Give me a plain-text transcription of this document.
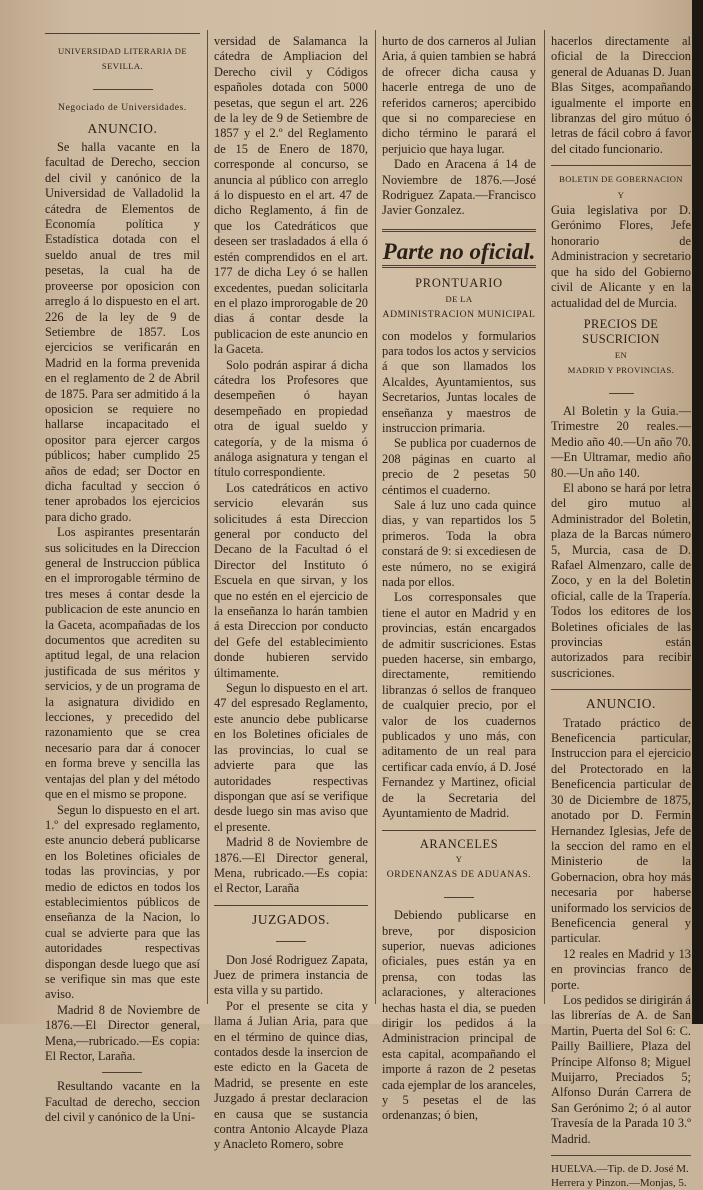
UNIVERSIDAD LITERARIA DE SEVILLA.

Negociado de Universidades.

ANUNCIO.

Se halla vacante en la facultad de Derecho, seccion del civil y canónico de la Universidad de Valladolid la cátedra de Elementos de Economía política y Estadística dotada con el sueldo anual de tres mil pesetas, la cual ha de proveerse por oposicion con arreglo á lo dispuesto en el art. 226 de la ley de 9 de Setiembre de 1857. Los ejercicios se verificarán en Madrid en la forma prevenida en el reglamento de 2 de Abril de 1875. Para ser admitido á la oposicion se requiere no hallarse incapacitado el opositor para ejercer cargos públicos; haber cumplido 25 años de edad; ser Doctor en dicha facultad y seccion ó tener aprobados los ejercicios para dicho grado.

Los aspirantes presentarán sus solicitudes en la Direccion general de Instruccion pública en el improrogable término de tres meses á contar desde la publicacion de este anuncio en la Gaceta, acompañadas de los documentos que acrediten su aptitud legal, de una relacion justificada de sus méritos y servicios, y de un programa de la asignatura dividido en lecciones, y precedido del razonamiento que se crea necesario para dar á conocer en forma breve y sencilla las ventajas del plan y del método que en el mismo se propone.

Segun lo dispuesto en el art. 1.º del expresado reglamento, este anuncio deberá publicarse en los Boletines oficiales de todas las provincias, y por medio de edictos en todos los establecimientos públicos de enseñanza de la Nacion, lo cual se advierte para que las autoridades respectivas dispongan desde luego que así se verifique sin mas que este aviso.

Madrid 8 de Noviembre de 1876.—El Director general, Mena,—rubricado.—Es copia: El Rector, Laraña.

Resultando vacante en la Facultad de derecho, seccion del civil y canónico de la Uni-

versidad de Salamanca la cátedra de Ampliacion del Derecho civil y Códigos españoles dotada con 5000 pesetas, que segun el art. 226 de la ley de 9 de Setiembre de 1857 y el 2.º del Reglamento de 15 de Enero de 1870, corresponde al concurso, se anuncia al público con arreglo á lo dispuesto en el art. 47 de dicho Reglamento, á fin de que los Catedráticos que deseen ser trasladados á ella ó estén comprendidos en el art. 177 de dicha Ley ó se hallen excedentes, puedan solicitarla en el plazo improrogable de 20 dias á contar desde la publicacion de este anuncio en la Gaceta.

Solo podrán aspirar á dicha cátedra los Profesores que desempeñen ó hayan desempeñado en propiedad otra de igual sueldo y categoría, y de la misma ó análoga asignatura y tengan el título correspondiente.

Los catedráticos en activo servicio elevarán sus solicitudes á esta Direccion general por conducto del Decano de la Facultad ó el Director del Instituto ó Escuela en que sirvan, y los que no estén en el ejercicio de la enseñanza lo harán tambien á esta Direccion por conducto del Gefe del establecimiento donde hubieren servido últimamente.

Segun lo dispuesto en el art. 47 del espresado Reglamento, este anuncio debe publicarse en los Boletines oficiales de las provincias, lo cual se advierte para que las autoridades respectivas dispongan que así se verifique desde luego sin mas aviso que el presente.

Madrid 8 de Noviembre de 1876.—El Director general, Mena, rubricado.—Es copia: el Rector, Laraña

JUZGADOS.

Don José Rodriguez Zapata, Juez de primera instancia de esta villa y su partido.

Por el presente se cita y llama á Julian Aria, para que en el término de quince dias, contados desde la insercion de este edicto en la Gaceta de Madrid, se presente en este Juzgado á prestar declaracion en causa que se sustancia contra Antonio Alcayde Plaza y Anacleto Romero, sobre

hurto de dos carneros al Julian Aria, á quien tambien se habrá de ofrecer dicha causa y hacerle entrega de uno de referidos carneros; apercibido que si no compareciese en dicho término le parará el perjuicio que haya lugar.

Dado en Aracena á 14 de Noviembre de 1876.—José Rodriguez Zapata.—Francisco Javier Gonzalez.

Parte no oficial.

PRONTUARIO

DE LA

ADMINISTRACION MUNICIPAL

con modelos y formularios para todos los actos y servicios á que son llamados los Alcaldes, Ayuntamientos, sus Secretarios, Juntas locales de enseñanza y maestros de instruccion primaria.

Se publica por cuadernos de 208 páginas en cuarto al precio de 2 pesetas 50 céntimos el cuaderno.

Sale á luz uno cada quince dias, y van repartidos los 5 primeros. Toda la obra constará de 9: si excediesen de este número, no se exigirá nada por ellos.

Los corresponsales que tiene el autor en Madrid y en provincias, están encargados de admitir suscriciones. Estas pueden hacerse, sin embargo, directamente, remitiendo libranzas ó sellos de franqueo de cualquier precio, por el valor de los cuadernos publicados y uno más, con aditamento de un real para certificar cada envío, á D. José Fernandez y Martinez, oficial de la Secretaria del Ayuntamiento de Madrid.

ARANCELES

Y

ORDENANZAS DE ADUANAS.

Debiendo publicarse en breve, por disposicion superior, nuevas adiciones oficiales, pues están ya en prensa, con todas las aclaraciones, y alteraciones hechas hasta el dia, se pueden dirigir los pedidos á la Administracion principal de esta capital, acompañando el importe á razon de 2 pesetas cada ejemplar de los aranceles, y 5 pesetas el de las ordenanzas; ó bien,

hacerlos directamente al oficial de la Direccion general de Aduanas D. Juan Blas Sitges, acompañando igualmente el importe en libranzas del giro mútuo ó letras de fácil cobro á favor del citado funcionario.

BOLETIN DE GOBERNACION

Y

Guia legislativa por D. Gerónimo Flores, Jefe honorario de Administracion y secretario que ha sido del Gobierno civil de Alicante y en la actualidad del de Murcia.

PRECIOS DE SUSCRICION

EN

MADRID Y PROVINCIAS.

Al Boletin y la Guia.—Trimestre 20 reales.—Medio año 40.—Un año 70.—En Ultramar, medio año 80.—Un año 140.

El abono se hará por letra del giro mutuo al Administrador del Boletin, plaza de la Barcas número 5, Murcia, casa de D. Rafael Almenzaro, calle de Zoco, y en la del Boletin oficial, calle de la Trapería. Todos los editores de los Boletines oficiales de las provincias están autorizados para recibir suscriciones.

ANUNCIO.

Tratado práctico de Beneficencia particular, Instruccion para el ejercicio del Protectorado en la Beneficencia particular de 30 de Diciembre de 1875, anotado por D. Fermin Hernandez Iglesias, Jefe de la seccion del ramo en el Ministerio de la Gobernacion, obra hoy más necesaria por haberse uniformado los servicios de Beneficencia general y particular.

12 reales en Madrid y 13 en provincias franco de porte.

Los pedidos se dirigirán á las librerías de A. de San Martin, Puerta del Sol 6: C. Pailly Bailliere, Plaza del Príncipe Alfonso 8; Miguel Muijarro, Preciados 5; Alfonso Durán Carrera de San Gerónimo 2; ó al autor Travesía de la Parada 10 3.º Madrid.

HUELVA.—Tip. de D. José M. Herrera y Pinzon.—Monjas, 5.
